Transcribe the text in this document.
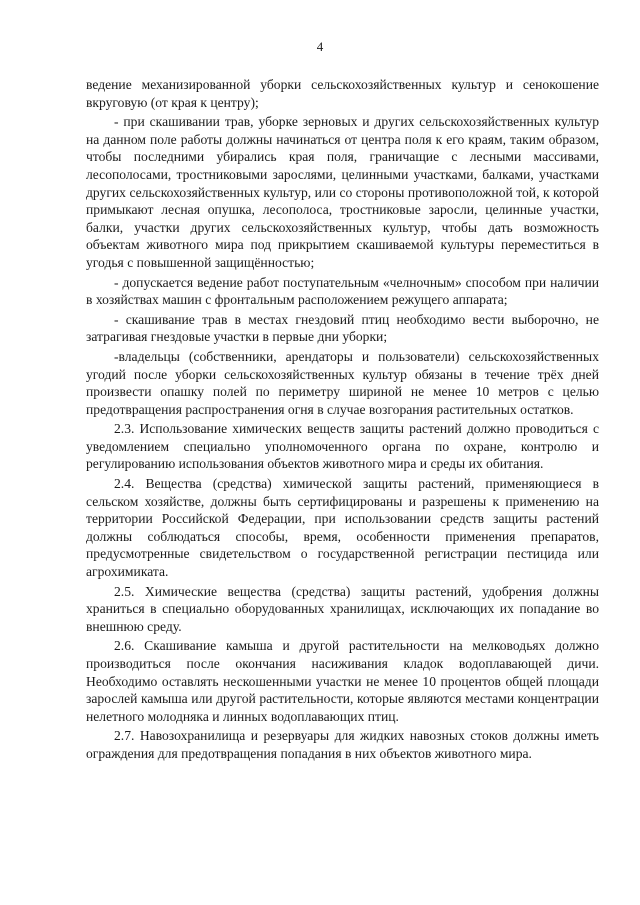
4

ведение механизированной уборки сельскохозяйственных культур и сенокошение вкруговую (от края к центру);

- при скашивании трав, уборке зерновых и других сельскохозяйственных культур на данном поле работы должны начинаться от центра поля к его краям, таким образом, чтобы последними убирались края поля, граничащие с лесными массивами, лесополосами, тростниковыми зарослями, целинными участками, балками, участками других сельскохозяйственных культур, или со стороны противоположной той, к которой примыкают лесная опушка, лесополоса, тростниковые заросли, целинные участки, балки, участки других сельскохозяйственных культур, чтобы дать возможность объектам животного мира под прикрытием скашиваемой культуры переместиться в угодья с повышенной защищённостью;

- допускается ведение работ поступательным «челночным» способом при наличии в хозяйствах машин с фронтальным расположением режущего аппарата;

- скашивание трав в местах гнездовий птиц необходимо вести выборочно, не затрагивая гнездовые участки в первые дни уборки;

-владельцы (собственники, арендаторы и пользователи) сельскохозяйственных угодий после уборки сельскохозяйственных культур обязаны в течение трёх дней произвести опашку полей по периметру шириной не менее 10 метров с целью предотвращения распространения огня в случае возгорания растительных остатков.

2.3. Использование химических веществ защиты растений должно проводиться с уведомлением специально уполномоченного органа по охране, контролю и регулированию использования объектов животного мира и среды их обитания.

2.4. Вещества (средства) химической защиты растений, применяющиеся в сельском хозяйстве, должны быть сертифицированы и разрешены к применению на территории Российской Федерации, при использовании средств защиты растений должны соблюдаться способы, время, особенности применения препаратов, предусмотренные свидетельством о государственной регистрации пестицида или агрохимиката.

2.5. Химические вещества (средства) защиты растений, удобрения должны храниться в специально оборудованных хранилищах, исключающих их попадание во внешнюю среду.

2.6. Скашивание камыша и другой растительности на мелководьях должно производиться после окончания насиживания кладок водоплавающей дичи. Необходимо оставлять нескошенными участки не менее 10 процентов общей площади зарослей камыша или другой растительности, которые являются местами концентрации нелетного молодняка и линных водоплавающих птиц.

2.7. Навозохранилища и резервуары для жидких навозных стоков должны иметь ограждения для предотвращения попадания в них объектов животного мира.
